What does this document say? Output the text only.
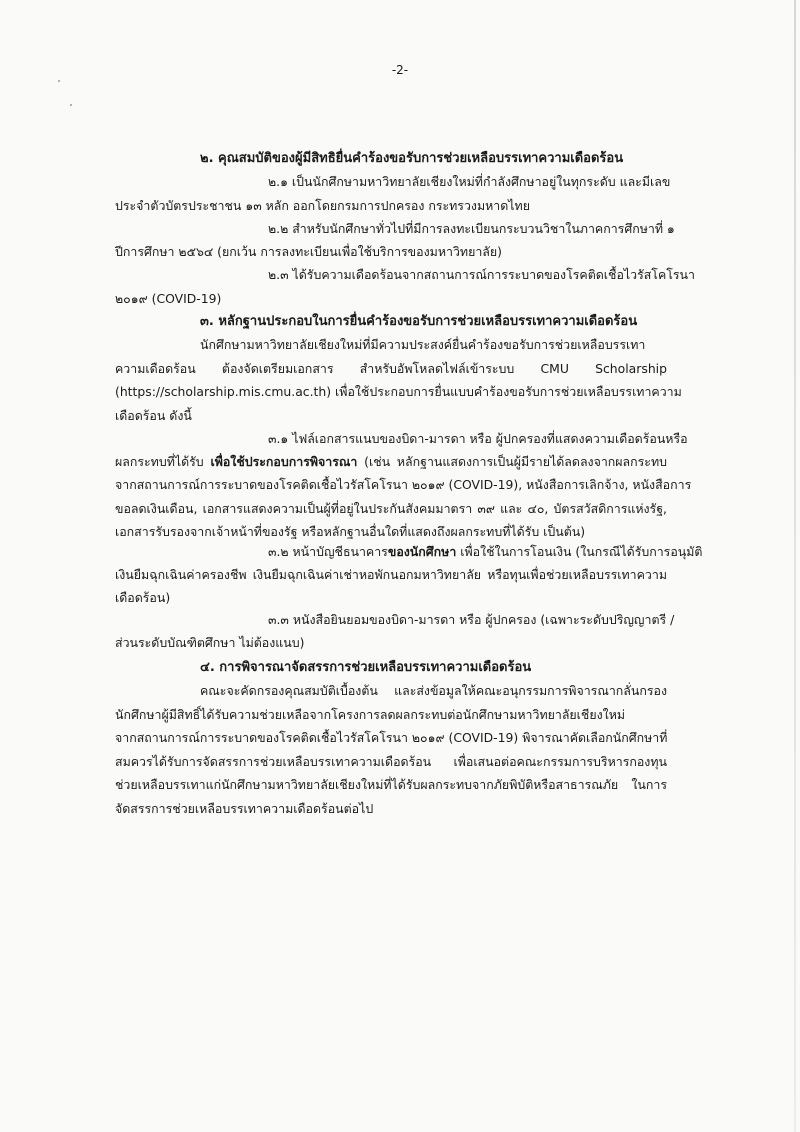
-2-

๒. คุณสมบัติของผู้มีสิทธิยื่นคำร้องขอรับการช่วยเหลือบรรเทาความเดือดร้อน

๒.๑ เป็นนักศึกษามหาวิทยาลัยเชียงใหม่ที่กำลังศึกษาอยู่ในทุกระดับ และมีเลข

ประจำตัวบัตรประชาชน ๑๓ หลัก ออกโดยกรมการปกครอง กระทรวงมหาดไทย

๒.๒ สำหรับนักศึกษาทั่วไปที่มีการลงทะเบียนกระบวนวิชาในภาคการศึกษาที่ ๑

ปีการศึกษา ๒๕๖๔ (ยกเว้น การลงทะเบียนเพื่อใช้บริการของมหาวิทยาลัย)

๒.๓ ได้รับความเดือดร้อนจากสถานการณ์การระบาดของโรคติดเชื้อไวรัสโคโรนา

๒๐๑๙ (COVID-19)

๓. หลักฐานประกอบในการยื่นคำร้องขอรับการช่วยเหลือบรรเทาความเดือดร้อน

นักศึกษามหาวิทยาลัยเชียงใหม่ที่มีความประสงค์ยื่นคำร้องขอรับการช่วยเหลือบรรเทา

ความเดือดร้อน ต้องจัดเตรียมเอกสาร สำหรับอัพโหลดไฟล์เข้าระบบ CMU Scholarship

(https://scholarship.mis.cmu.ac.th) เพื่อใช้ประกอบการยื่นแบบคำร้องขอรับการช่วยเหลือบรรเทาความ

เดือดร้อน ดังนี้

๓.๑ ไฟล์เอกสารแนบของบิดา-มารดา หรือ ผู้ปกครองที่แสดงความเดือดร้อนหรือ

ผลกระทบที่ได้รับ เพื่อใช้ประกอบการพิจารณา (เช่น หลักฐานแสดงการเป็นผู้มีรายได้ลดลงจากผลกระทบ

จากสถานการณ์การระบาดของโรคติดเชื้อไวรัสโคโรนา ๒๐๑๙ (COVID-19), หนังสือการเลิกจ้าง, หนังสือการ

ขอลดเงินเดือน, เอกสารแสดงความเป็นผู้ที่อยู่ในประกันสังคมมาตรา ๓๙ และ ๔๐, บัตรสวัสดิการแห่งรัฐ,

เอกสารรับรองจากเจ้าหน้าที่ของรัฐ หรือหลักฐานอื่นใดที่แสดงถึงผลกระทบที่ได้รับ เป็นต้น)

๓.๒ หน้าบัญชีธนาคารของนักศึกษา เพื่อใช้ในการโอนเงิน (ในกรณีได้รับการอนุมัติ

เงินยืมฉุกเฉินค่าครองชีพ เงินยืมฉุกเฉินค่าเช่าหอพักนอกมหาวิทยาลัย หรือทุนเพื่อช่วยเหลือบรรเทาความ

เดือดร้อน)

๓.๓ หนังสือยินยอมของบิดา-มารดา หรือ ผู้ปกครอง (เฉพาะระดับปริญญาตรี /

ส่วนระดับบัณฑิตศึกษา ไม่ต้องแนบ)

๔. การพิจารณาจัดสรรการช่วยเหลือบรรเทาความเดือดร้อน

คณะจะคัดกรองคุณสมบัติเบื้องต้น และส่งข้อมูลให้คณะอนุกรรมการพิจารณากลั่นกรอง

นักศึกษาผู้มีสิทธิ์ได้รับความช่วยเหลือจากโครงการลดผลกระทบต่อนักศึกษามหาวิทยาลัยเชียงใหม่

จากสถานการณ์การระบาดของโรคติดเชื้อไวรัสโคโรนา ๒๐๑๙ (COVID-19) พิจารณาคัดเลือกนักศึกษาที่

สมควรได้รับการจัดสรรการช่วยเหลือบรรเทาความเดือดร้อน เพื่อเสนอต่อคณะกรรมการบริหารกองทุน

ช่วยเหลือบรรเทาแก่นักศึกษามหาวิทยาลัยเชียงใหม่ที่ได้รับผลกระทบจากภัยพิบัติหรือสาธารณภัย ในการ

จัดสรรการช่วยเหลือบรรเทาความเดือดร้อนต่อไป
